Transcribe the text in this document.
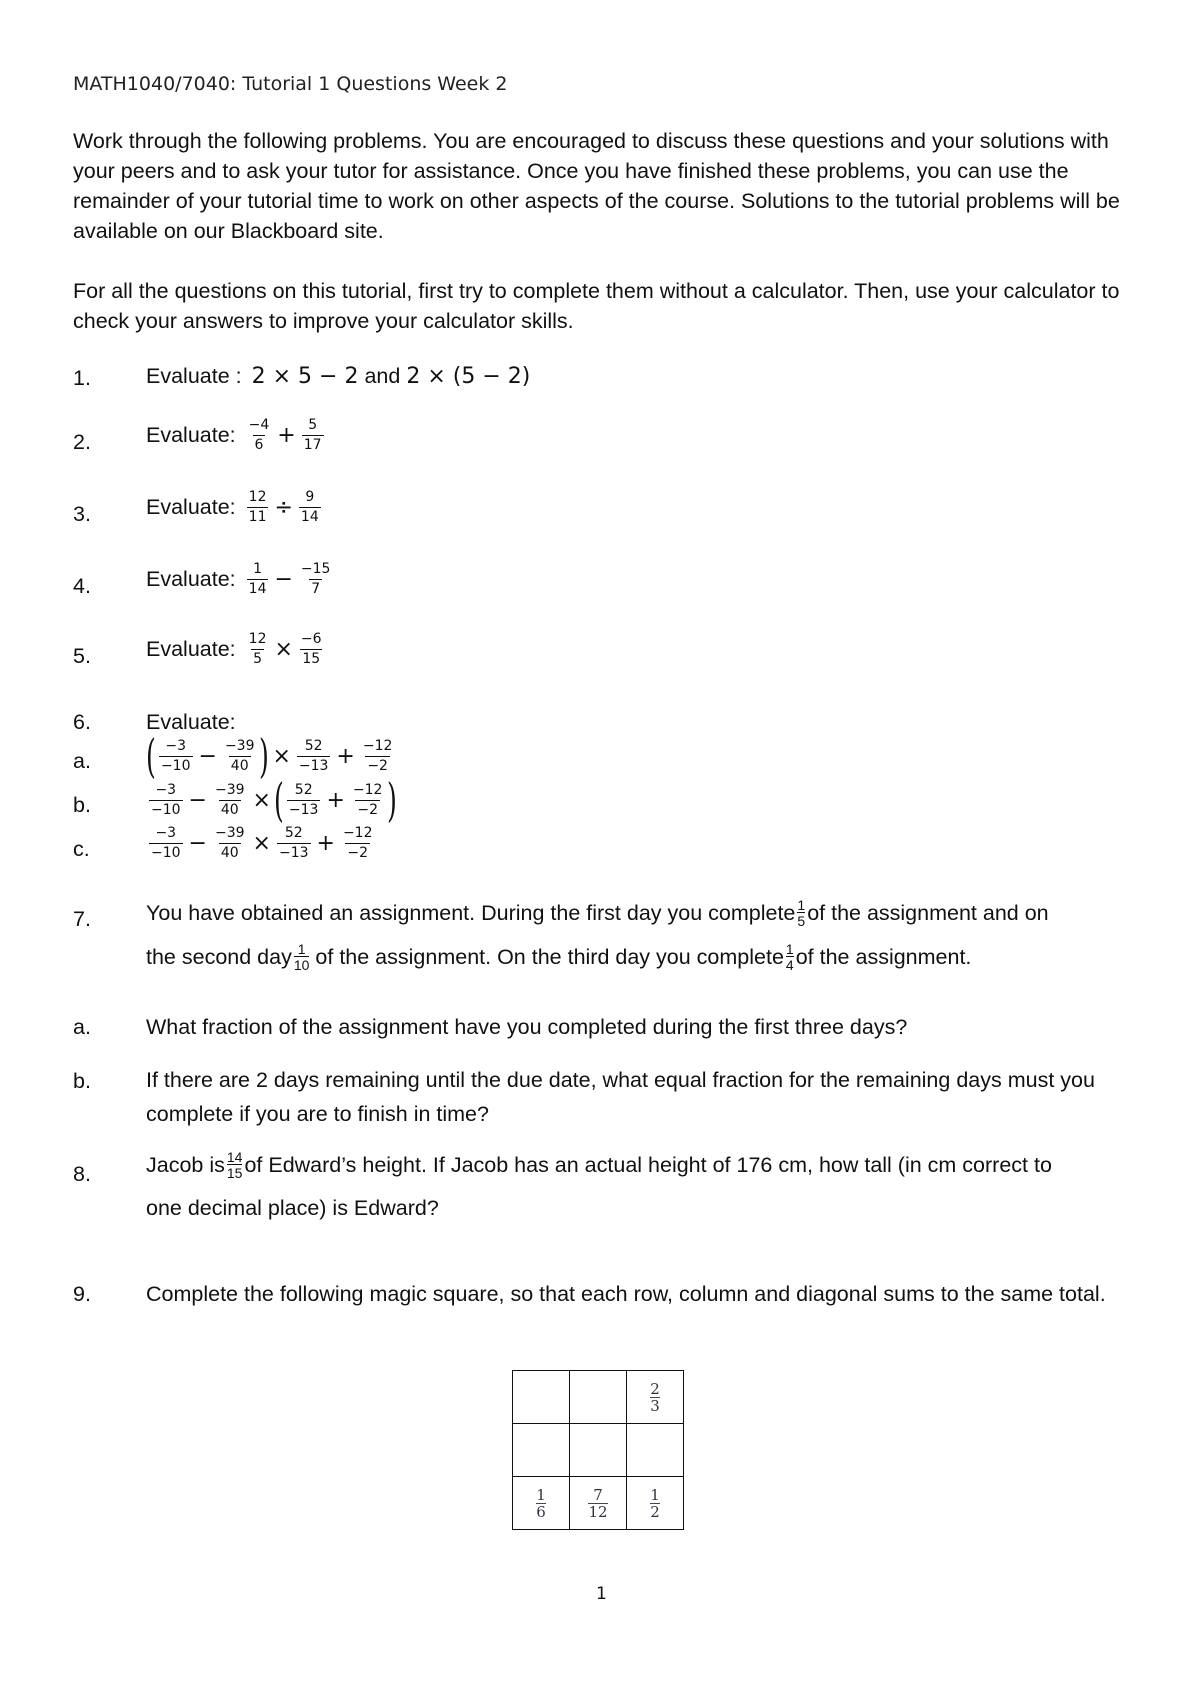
MATH1040/7040: Tutorial 1 Questions Week 2
Work through the following problems. You are encouraged to discuss these questions and your solutions with your peers and to ask your tutor for assistance. Once you have finished these problems, you can use the remainder of your tutorial time to work on other aspects of the course. Solutions to the tutorial problems will be available on our Blackboard site.
For all the questions on this tutorial, first try to complete them without a calculator. Then, use your calculator to check your answers to improve your calculator skills.
1.	Evaluate : 2 × 5 − 2 and 2 × (5 − 2)
2.	Evaluate: $\frac{-4}{6} + \frac{5}{17}$
3.	Evaluate: $\frac{12}{11} \div \frac{9}{14}$
4.	Evaluate: $\frac{1}{14} - \frac{-15}{7}$
5.	Evaluate: $\frac{12}{5} \times \frac{-6}{15}$
6.	Evaluate:
a. ( $\frac{-3}{-10} - \frac{-39}{40}$ ) × $\frac{52}{-13} + \frac{-12}{-2}$
b.	$\frac{-3}{-10} - \frac{-39}{40}$ × ( $\frac{52}{-13} + \frac{-12}{-2}$ )
c.	$\frac{-3}{-10} - \frac{-39}{40} \times \frac{52}{-13} + \frac{-12}{-2}$
7.	You have obtained an assignment. During the first day you complete 1
5 of the assignment and on
the second day 1
10 of the assignment. On the third day you complete 1
4 of the assignment.
a.	What fraction of the assignment have you completed during the first three days?
b.	If there are 2 days remaining until the due date, what equal fraction for the remaining days must you complete if you are to finish in time?
8.	Jacob is 14
15 of Edward’s height. If Jacob has an actual height of 176 cm, how tall (in cm correct to
one decimal place) is Edward?
9.	Complete the following magic square, so that each row, column and diagonal sums to the same total.

		$\frac{2}{3}$

$\frac{1}{6}$	$\frac{7}{12}$	$\frac{1}{2}$
1
